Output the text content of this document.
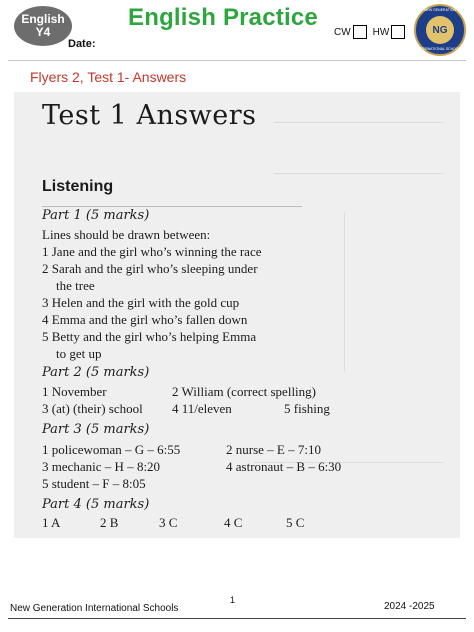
English
Y4
Date:
English Practice
CW HW
NEW GENERATION
NG
INTERNATIONAL SCHOOLS
Flyers 2, Test 1- Answers
Test 1 Answers
Listening
Part 1 (5 marks)
Lines should be drawn between:
1 Jane and the girl who’s winning the race
2 Sarah and the girl who’s sleeping under
the tree
3 Helen and the girl with the gold cup
4 Emma and the girl who’s fallen down
5 Betty and the girl who’s helping Emma
to get up
Part 2 (5 marks)
1 November	2 William (correct spelling)
3 (at) (their) school 4 11/eleven	5 fishing
Part 3 (5 marks)
1 policewoman – G – 6:55	2 nurse – E – 7:10
3 mechanic – H – 8:20	4 astronaut – B – 6:30
5 student – F – 8:05
Part 4 (5 marks)
1 A	2 B	3 C	4 C	5 C
1
New Generation International Schools	2024 -2025
